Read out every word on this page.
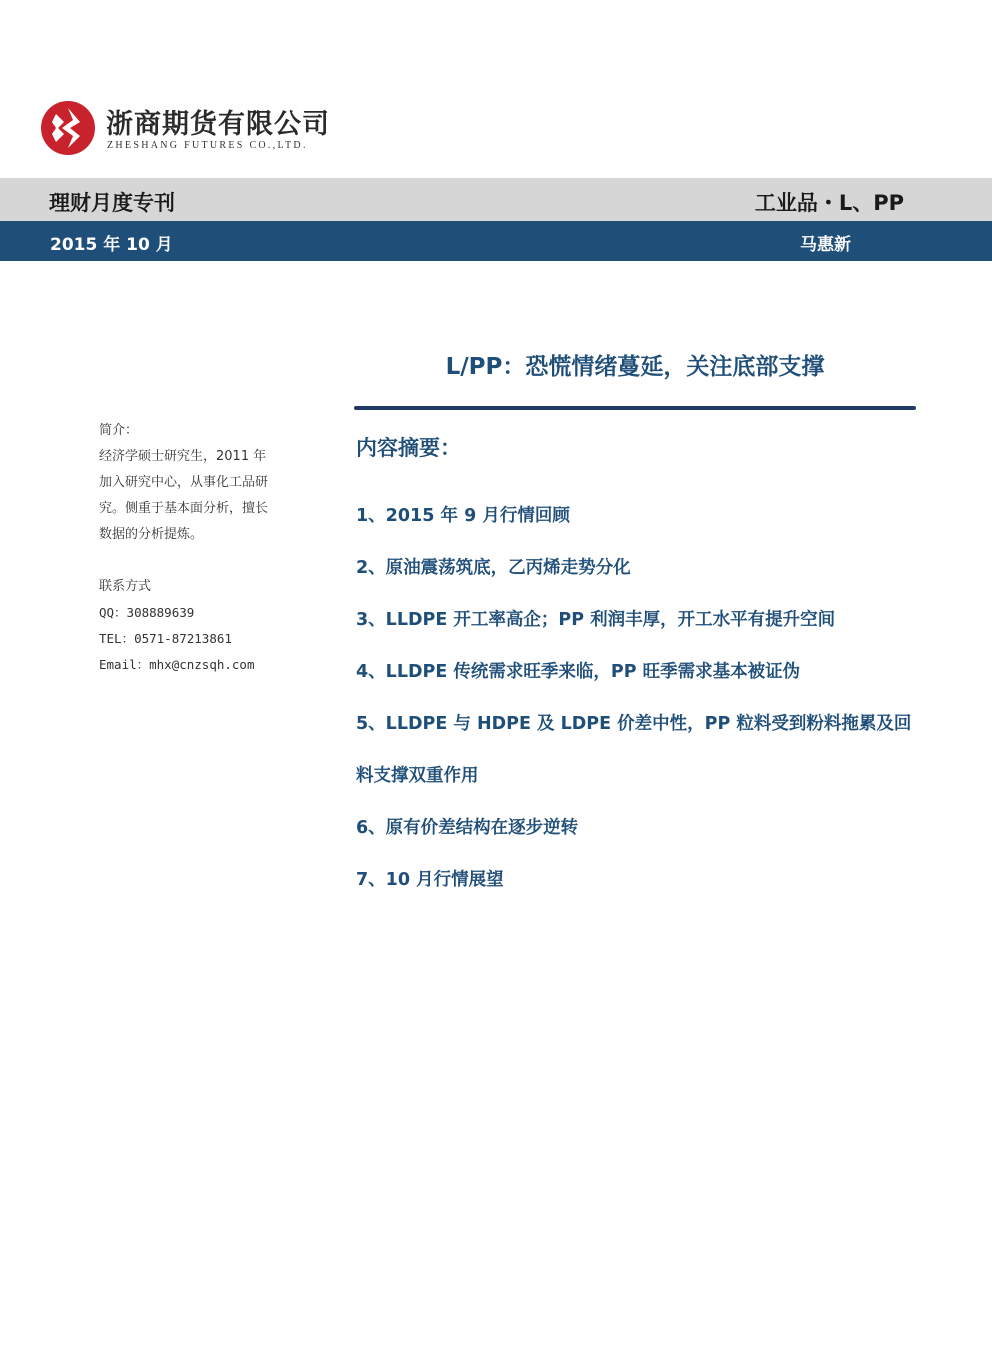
浙商期货有限公司
ZHESHANG FUTURES CO.,LTD.
理财月度专刊	工业品・L、PP
2015 年 10 月	马惠新
L/PP：恐慌情绪蔓延，关注底部支撑
内容摘要：
1、2015 年 9 月行情回顾
2、原油震荡筑底，乙丙烯走势分化
3、LLDPE 开工率高企；PP 利润丰厚，开工水平有提升空间
4、LLDPE 传统需求旺季来临，PP 旺季需求基本被证伪
5、LLDPE 与 HDPE 及 LDPE 价差中性，PP 粒料受到粉料拖累及回料支撑双重作用
6、原有价差结构在逐步逆转
7、10 月行情展望
简介：
经济学硕士研究生，2011 年
加入研究中心，从事化工品研
究。侧重于基本面分析，擅长
数据的分析提炼。
联系方式
QQ：308889639
TEL：0571-87213861
Email：mhx@cnzsqh.com
